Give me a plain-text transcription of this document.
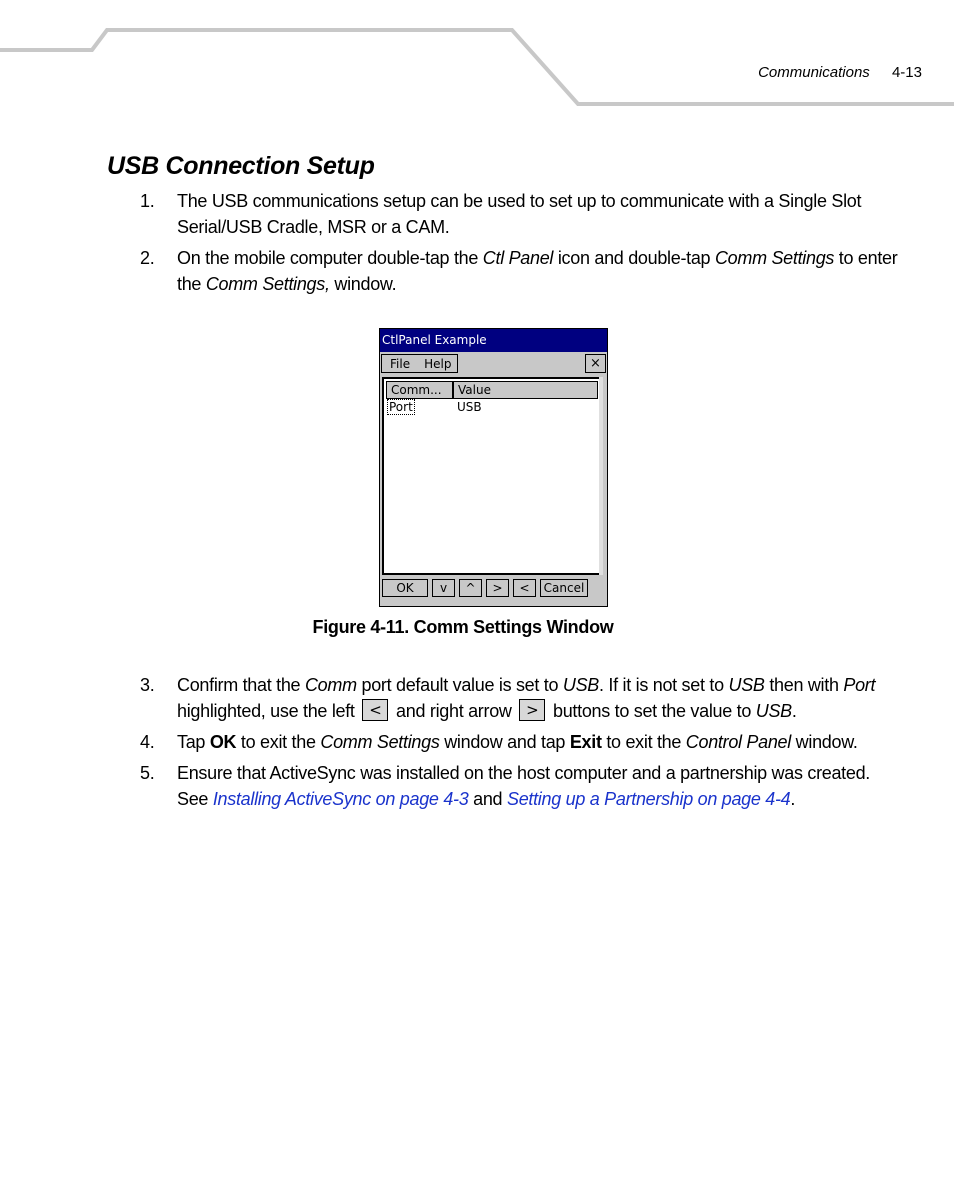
Communications 4-13
USB Connection Setup
1. The USB communications setup can be used to set up to communicate with a Single Slot Serial/USB Cradle, MSR or a CAM.
2. On the mobile computer double-tap the Ctl Panel icon and double-tap Comm Settings to enter the Comm Settings, window.
CtlPanel Example
File Help	×
Comm...	Value
Port	USB
OK	v	^	>	<	Cancel
Figure 4-11. Comm Settings Window
3. Confirm that the Comm port default value is set to USB. If it is not set to USB then with Port
highlighted, use the left < and right arrow > buttons to set the value to USB.
4. Tap OK to exit the Comm Settings window and tap Exit to exit the Control Panel window.
5. Ensure that ActiveSync was installed on the host computer and a partnership was created. See Installing ActiveSync on page 4-3 and Setting up a Partnership on page 4-4.
